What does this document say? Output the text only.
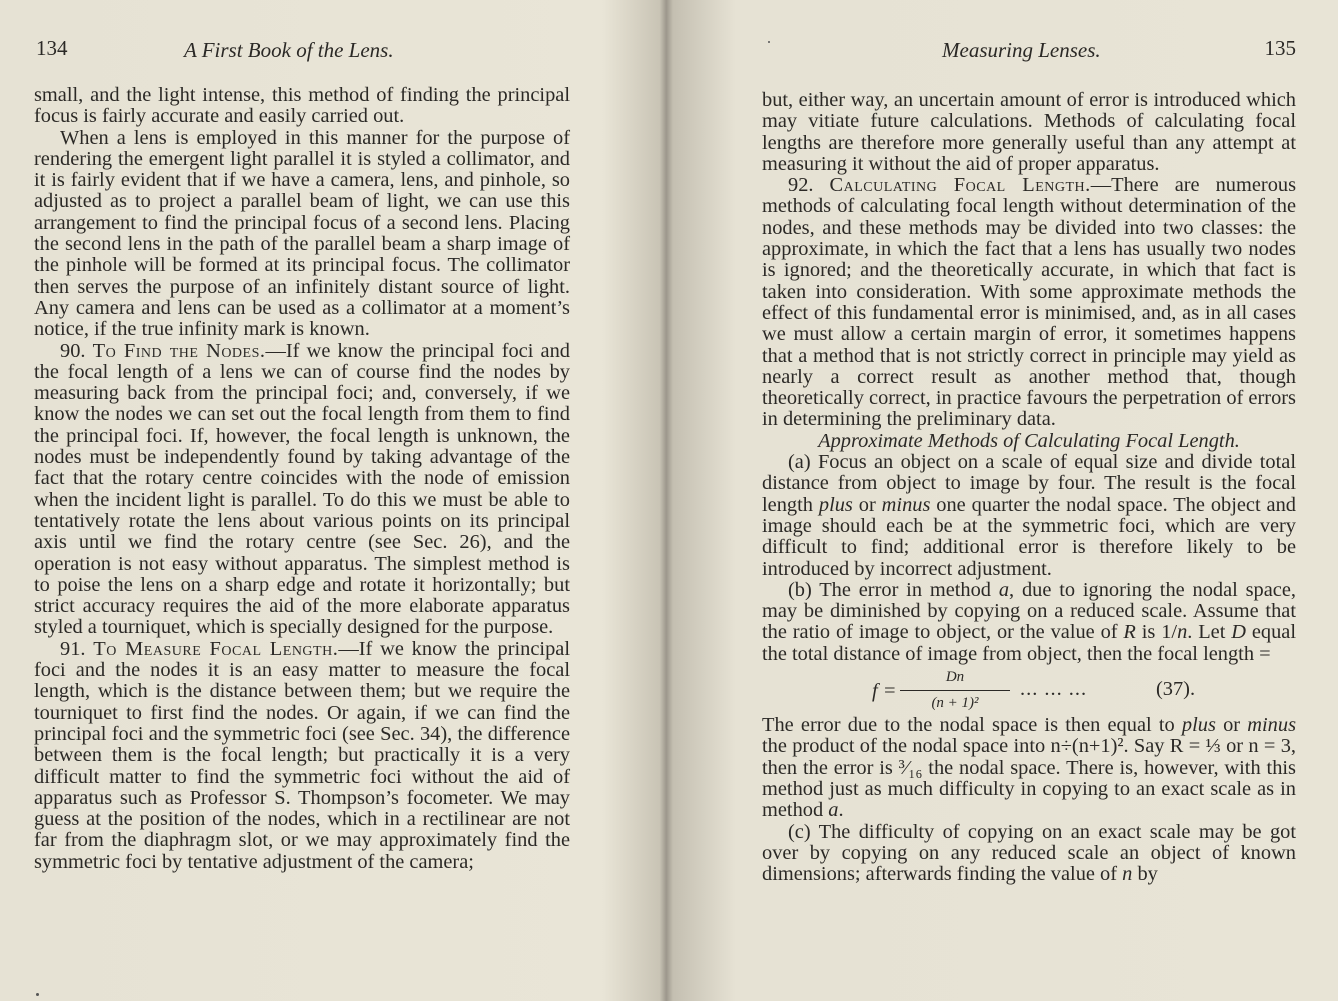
134	A First Book of the Lens.

small, and the light intense, this method of finding the principal focus is fairly accurate and easily carried out.

When a lens is employed in this manner for the purpose of rendering the emergent light parallel it is styled a collimator, and it is fairly evident that if we have a camera, lens, and pinhole, so adjusted as to project a parallel beam of light, we can use this arrangement to find the principal focus of a second lens. Placing the second lens in the path of the parallel beam a sharp image of the pinhole will be formed at its principal focus. The collimator then serves the purpose of an infinitely distant source of light. Any camera and lens can be used as a collimator at a moment’s notice, if the true infinity mark is known.

90. To Find the Nodes.—If we know the principal foci and the focal length of a lens we can of course find the nodes by measuring back from the principal foci; and, conversely, if we know the nodes we can set out the focal length from them to find the principal foci. If, however, the focal length is unknown, the nodes must be independently found by taking advantage of the fact that the rotary centre coincides with the node of emission when the incident light is parallel. To do this we must be able to tentatively rotate the lens about various points on its principal axis until we find the rotary centre (see Sec. 26), and the operation is not easy without apparatus. The simplest method is to poise the lens on a sharp edge and rotate it horizontally; but strict accuracy requires the aid of the more elaborate apparatus styled a tourniquet, which is specially designed for the purpose.

91. To Measure Focal Length.—If we know the principal foci and the nodes it is an easy matter to measure the focal length, which is the distance between them; but we require the tourniquet to first find the nodes. Or again, if we can find the principal foci and the symmetric foci (see Sec. 34), the difference between them is the focal length; but practically it is a very difficult matter to find the symmetric foci without the aid of apparatus such as Professor S. Thompson’s focometer. We may guess at the position of the nodes, which in a rectilinear are not far from the diaphragm slot, or we may approximately find the symmetric foci by tentative adjustment of the camera;

Measuring Lenses.	135

but, either way, an uncertain amount of error is introduced which may vitiate future calculations. Methods of calculating focal lengths are therefore more generally useful than any attempt at measuring it without the aid of proper apparatus.

92. Calculating Focal Length.—There are numerous methods of calculating focal length without determination of the nodes, and these methods may be divided into two classes: the approximate, in which the fact that a lens has usually two nodes is ignored; and the theoretically accurate, in which that fact is taken into consideration. With some approximate methods the effect of this fundamental error is minimised, and, as in all cases we must allow a certain margin of error, it sometimes happens that a method that is not strictly correct in principle may yield as nearly a correct result as another method that, though theoretically correct, in practice favours the perpetration of errors in determining the preliminary data.

Approximate Methods of Calculating Focal Length.

(a) Focus an object on a scale of equal size and divide total distance from object to image by four. The result is the focal length plus or minus one quarter the nodal space. The object and image should each be at the symmetric foci, which are very difficult to find; additional error is therefore likely to be introduced by incorrect adjustment.

(b) The error in method a, due to ignoring the nodal space, may be diminished by copying on a reduced scale. Assume that the ratio of image to object, or the value of R is 1/n. Let D equal the total distance of image from object, then the focal length =

$f = \frac{Dn}{\text{(n + 1)²}}$ ... ... ...	(37).

The error due to the nodal space is then equal to plus or minus the product of the nodal space into n÷(n+1)². Say R = ⅓ or n = 3, then the error is ³⁄₁₆ the nodal space. There is, however, with this method just as much difficulty in copying to an exact scale as in method a.

(c) The difficulty of copying on an exact scale may be got over by copying on any reduced scale an object of known dimensions; afterwards finding the value of n by
